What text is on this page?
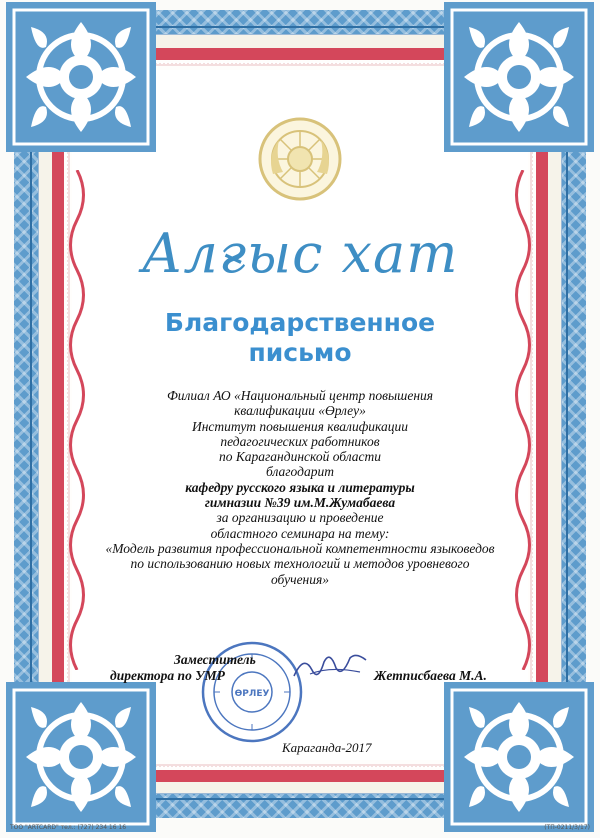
Алғыс хат
Благодарственное
письмо
Филиал АО «Национальный центр повышения
квалификации «Өрлеу»
Институт повышения квалификации
педагогических работников
по Карагандинской области
благодарит
кафедру русского языка и литературы
гимназии №39 им.М.Жумабаева
за организацию и проведение
областного семинара на тему:
«Модель развития профессиональной компетентности языковедов
по использованию новых технологий и методов уровневого
обучения»
ӨРЛЕУ
Заместитель
директора по УМР	Жетписбаева М.А.
Караганда-2017
ТОО "ARTCARD" тел.: (727) 234 16 16	(ТП-0211/3/17)
